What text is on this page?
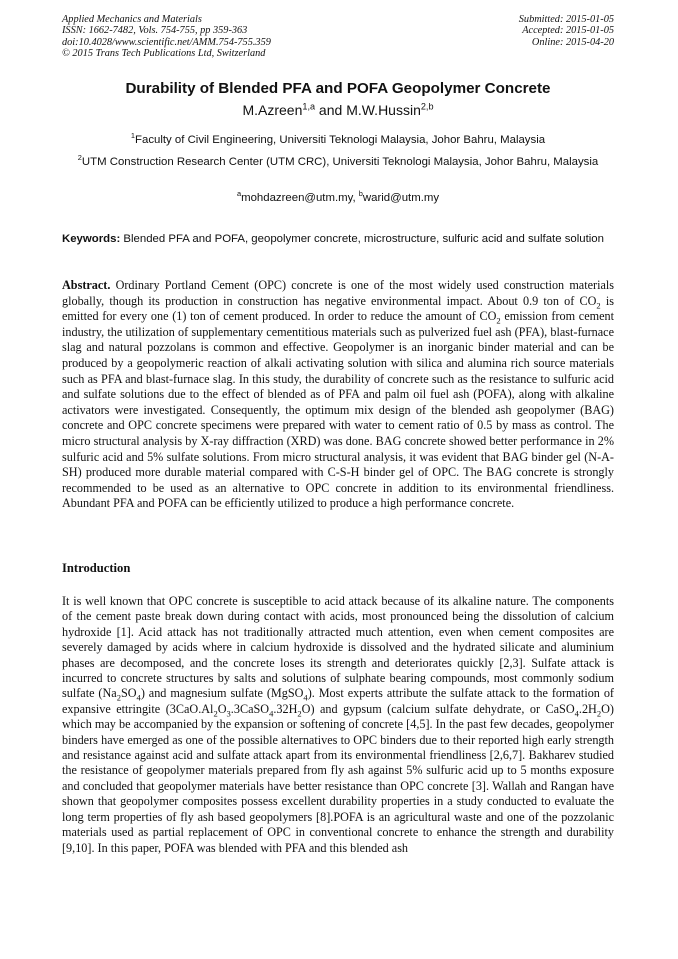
Applied Mechanics and Materials
ISSN: 1662-7482, Vols. 754-755, pp 359-363
doi:10.4028/www.scientific.net/AMM.754-755.359
© 2015 Trans Tech Publications Ltd, Switzerland
Submitted: 2015-01-05
Accepted: 2015-01-05
Online: 2015-04-20
Durability of Blended PFA and POFA Geopolymer Concrete
M.Azreen$^{1,a}$ and M.W.Hussin$^{2,b}$
$^1$Faculty of Civil Engineering, Universiti Teknologi Malaysia, Johor Bahru, Malaysia
$^2$UTM Construction Research Center (UTM CRC), Universiti Teknologi Malaysia, Johor Bahru, Malaysia
$^a$mohdazreen@utm.my, $^b$warid@utm.my
Keywords: Blended PFA and POFA, geopolymer concrete, microstructure, sulfuric acid and sulfate solution
Abstract. Ordinary Portland Cement (OPC) concrete is one of the most widely used construction materials globally, though its production in construction has negative environmental impact. About 0.9 ton of $CO_2$ is emitted for every one (1) ton of cement produced. In order to reduce the amount of $CO_2$ emission from cement industry, the utilization of supplementary cementitious materials such as pulverized fuel ash (PFA), blast-furnace slag and natural pozzolans is common and effective. Geopolymer is an inorganic binder material and can be produced by a geopolymeric reaction of alkali activating solution with silica and alumina rich source materials such as PFA and blast-furnace slag. In this study, the durability of concrete such as the resistance to sulfuric acid and sulfate solutions due to the effect of blended as of PFA and palm oil fuel ash (POFA), along with alkaline activators were investigated. Consequently, the optimum mix design of the blended ash geopolymer (BAG) concrete and OPC concrete specimens were prepared with water to cement ratio of 0.5 by mass as control. The micro structural analysis by X-ray diffraction (XRD) was done. BAG concrete showed better performance in 2% sulfuric acid and 5% sulfate solutions. From micro structural analysis, it was evident that BAG binder gel (N-A-SH) produced more durable material compared with C-S-H binder gel of OPC. The BAG concrete is strongly recommended to be used as an alternative to OPC concrete in addition to its environmental friendliness. Abundant PFA and POFA can be efficiently utilized to produce a high performance concrete.
Introduction
It is well known that OPC concrete is susceptible to acid attack because of its alkaline nature. The components of the cement paste break down during contact with acids, most pronounced being the dissolution of calcium hydroxide [1]. Acid attack has not traditionally attracted much attention, even when cement composites are severely damaged by acids where in calcium hydroxide is dissolved and the hydrated silicate and aluminium phases are decomposed, and the concrete loses its strength and deteriorates quickly [2,3]. Sulfate attack is incurred to concrete structures by salts and solutions of sulphate bearing compounds, most commonly sodium sulfate $(Na_2SO_4)$ and magnesium sulfate (MgSO$_4$). Most experts attribute the sulfate attack to the formation of expansive ettringite $(3CaO.Al_2O_3.3CaSO_4.32H_2O)$ and gypsum (calcium sulfate dehydrate, or $CaSO_4.2H_2O$) which may be accompanied by the expansion or softening of concrete [4,5]. In the past few decades, geopolymer binders have emerged as one of the possible alternatives to OPC binders due to their reported high early strength and resistance against acid and sulfate attack apart from its environmental friendliness [2,6,7]. Bakharev studied the resistance of geopolymer materials prepared from fly ash against 5% sulfuric acid up to 5 months exposure and concluded that geopolymer materials have better resistance than OPC concrete [3]. Wallah and Rangan have shown that geopolymer composites possess excellent durability properties in a study conducted to evaluate the long term properties of fly ash based geopolymers [8].POFA is an agricultural waste and one of the pozzolanic materials used as partial replacement of OPC in conventional concrete to enhance the strength and durability [9,10]. In this paper, POFA was blended with PFA and this blended ash
